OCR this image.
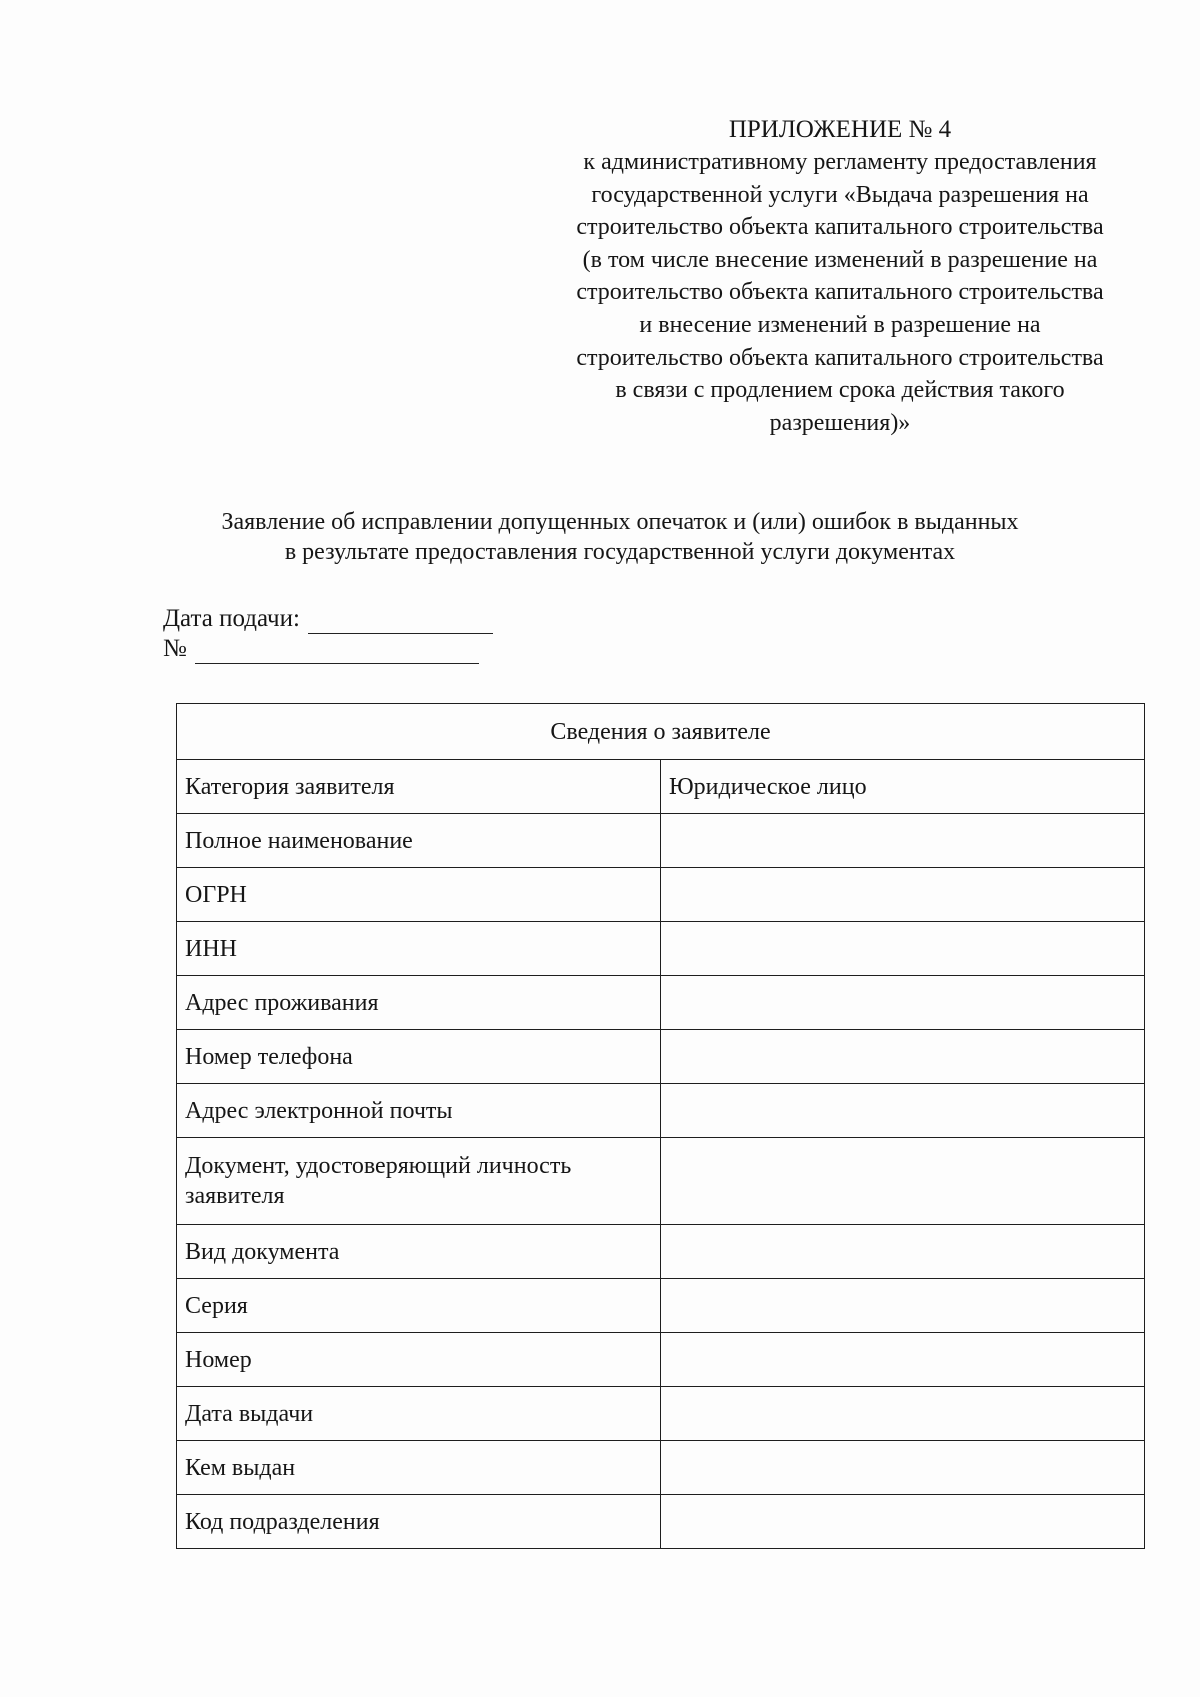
ПРИЛОЖЕНИЕ № 4
к административному регламенту предоставления
государственной услуги «Выдача разрешения на
строительство объекта капитального строительства
(в том числе внесение изменений в разрешение на
строительство объекта капитального строительства
и внесение изменений в разрешение на
строительство объекта капитального строительства
в связи с продлением срока действия такого
разрешения)»
Заявление об исправлении допущенных опечаток и (или) ошибок в выданных
в результате предоставления государственной услуги документах
Дата подачи:
№
Сведения о заявителе	
Категория заявителя	Юридическое лицо
Полное наименование	
ОГРН	
ИНН	
Адрес проживания	
Номер телефона	
Адрес электронной почты	
Документ, удостоверяющий личность заявителя	
Вид документа	
Серия	
Номер	
Дата выдачи	
Кем выдан	
Код подразделения	
